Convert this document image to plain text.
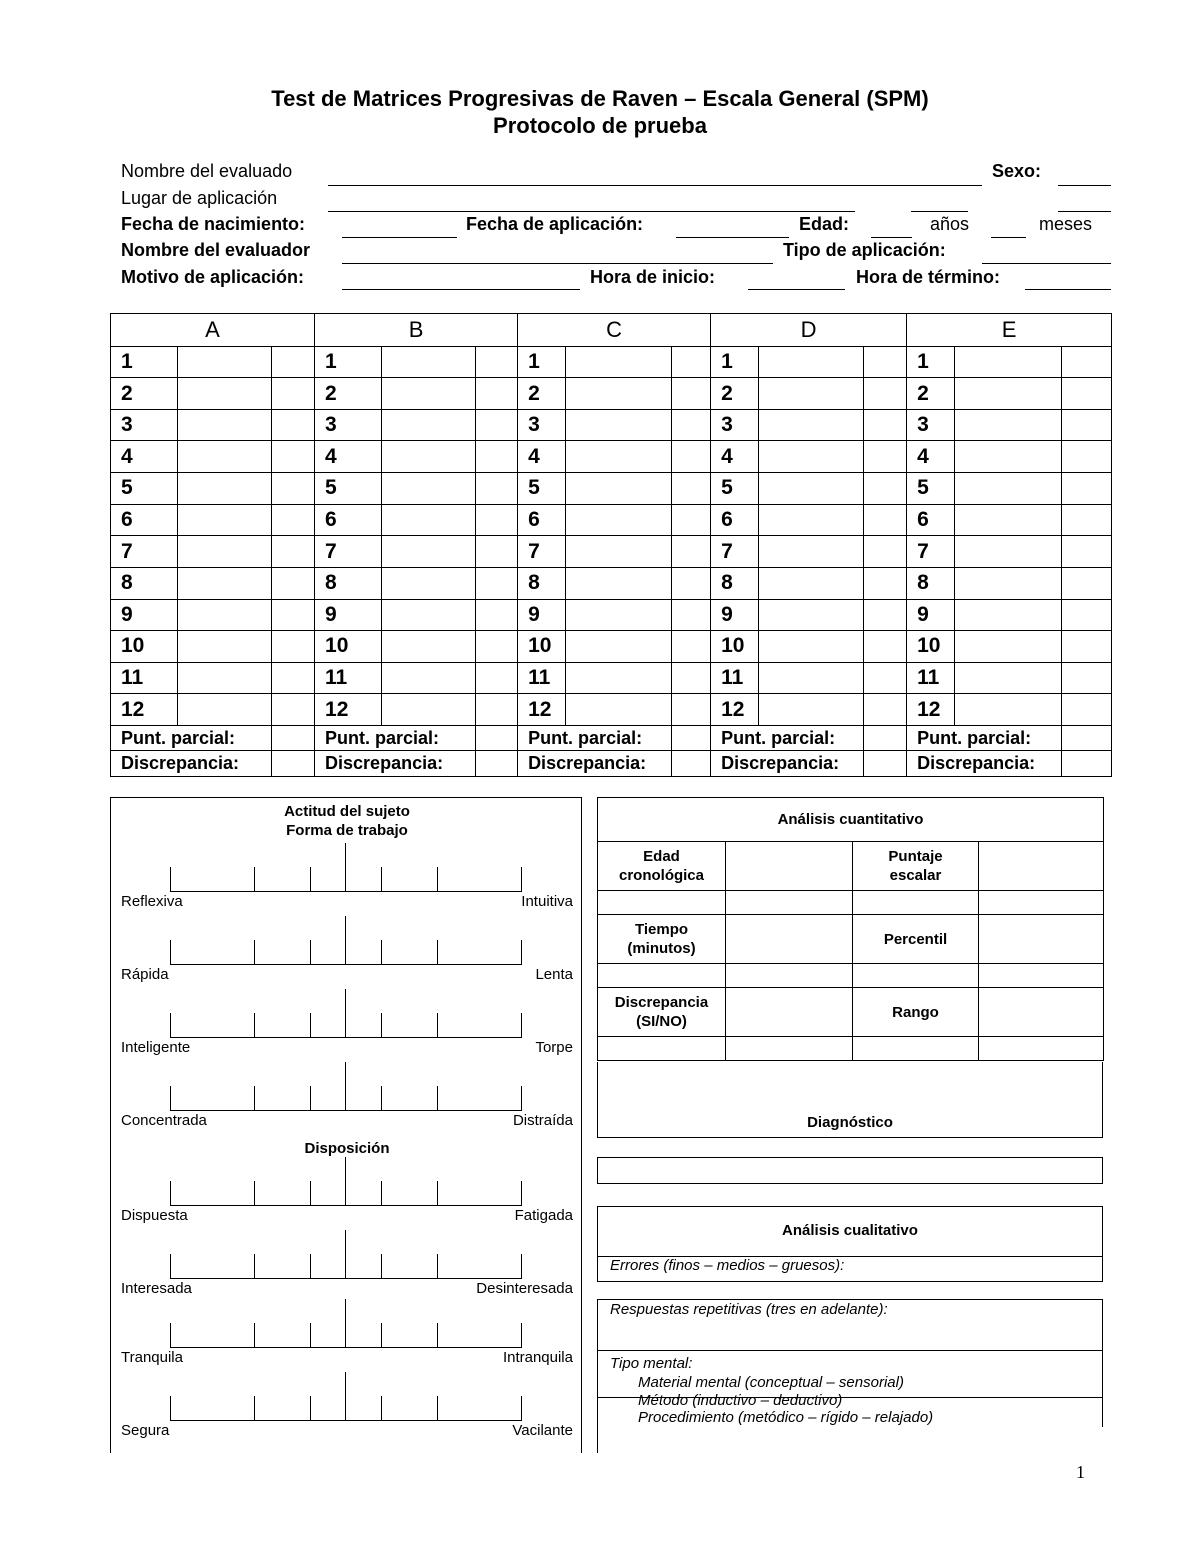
Test de Matrices Progresivas de Raven – Escala General (SPM)
Protocolo de prueba
Nombre del evaluado	Sexo:
Lugar de aplicación
Fecha de nacimiento:	Fecha de aplicación:	Edad:	años	meses
Nombre del evaluador	Tipo de aplicación:
Motivo de aplicación:	Hora de inicio:	Hora de término:
A			B			C			D			E		
1			1			1			1			1		
2			2			2			2			2		
3			3			3			3			3		
4			4			4			4			4		
5			5			5			5			5		
6			6			6			6			6		
7			7			7			7			7		
8			8			8			8			8		
9			9			9			9			9		
10			10			10			10			10		
11			11			11			11			11		
12			12			12			12			12		
Punt. parcial:			Punt. parcial:			Punt. parcial:			Punt. parcial:			Punt. parcial:		
Discrepancia:			Discrepancia:			Discrepancia:			Discrepancia:			Discrepancia:		
Actitud del sujeto
Forma de trabajo
Disposición
Reflexiva	Intuitiva
Rápida	Lenta
Inteligente	Torpe
Concentrada	Distraída
Dispuesta	Fatigada
Interesada	Desinteresada
Tranquila	Intranquila
Segura	Vacilante
Análisis cuantitativo			
Edad
cronológica		Puntaje
escalar	

Tiempo
(minutos)		Percentil	

Discrepancia
(SI/NO)		Rango	

Diagnóstico
Análisis cualitativo
Errores (finos – medios – gruesos):
Respuestas repetitivas (tres en adelante):
Tipo mental:
Material mental (conceptual – sensorial)
Método (inductivo – deductivo)
Procedimiento (metódico – rígido – relajado)
1
